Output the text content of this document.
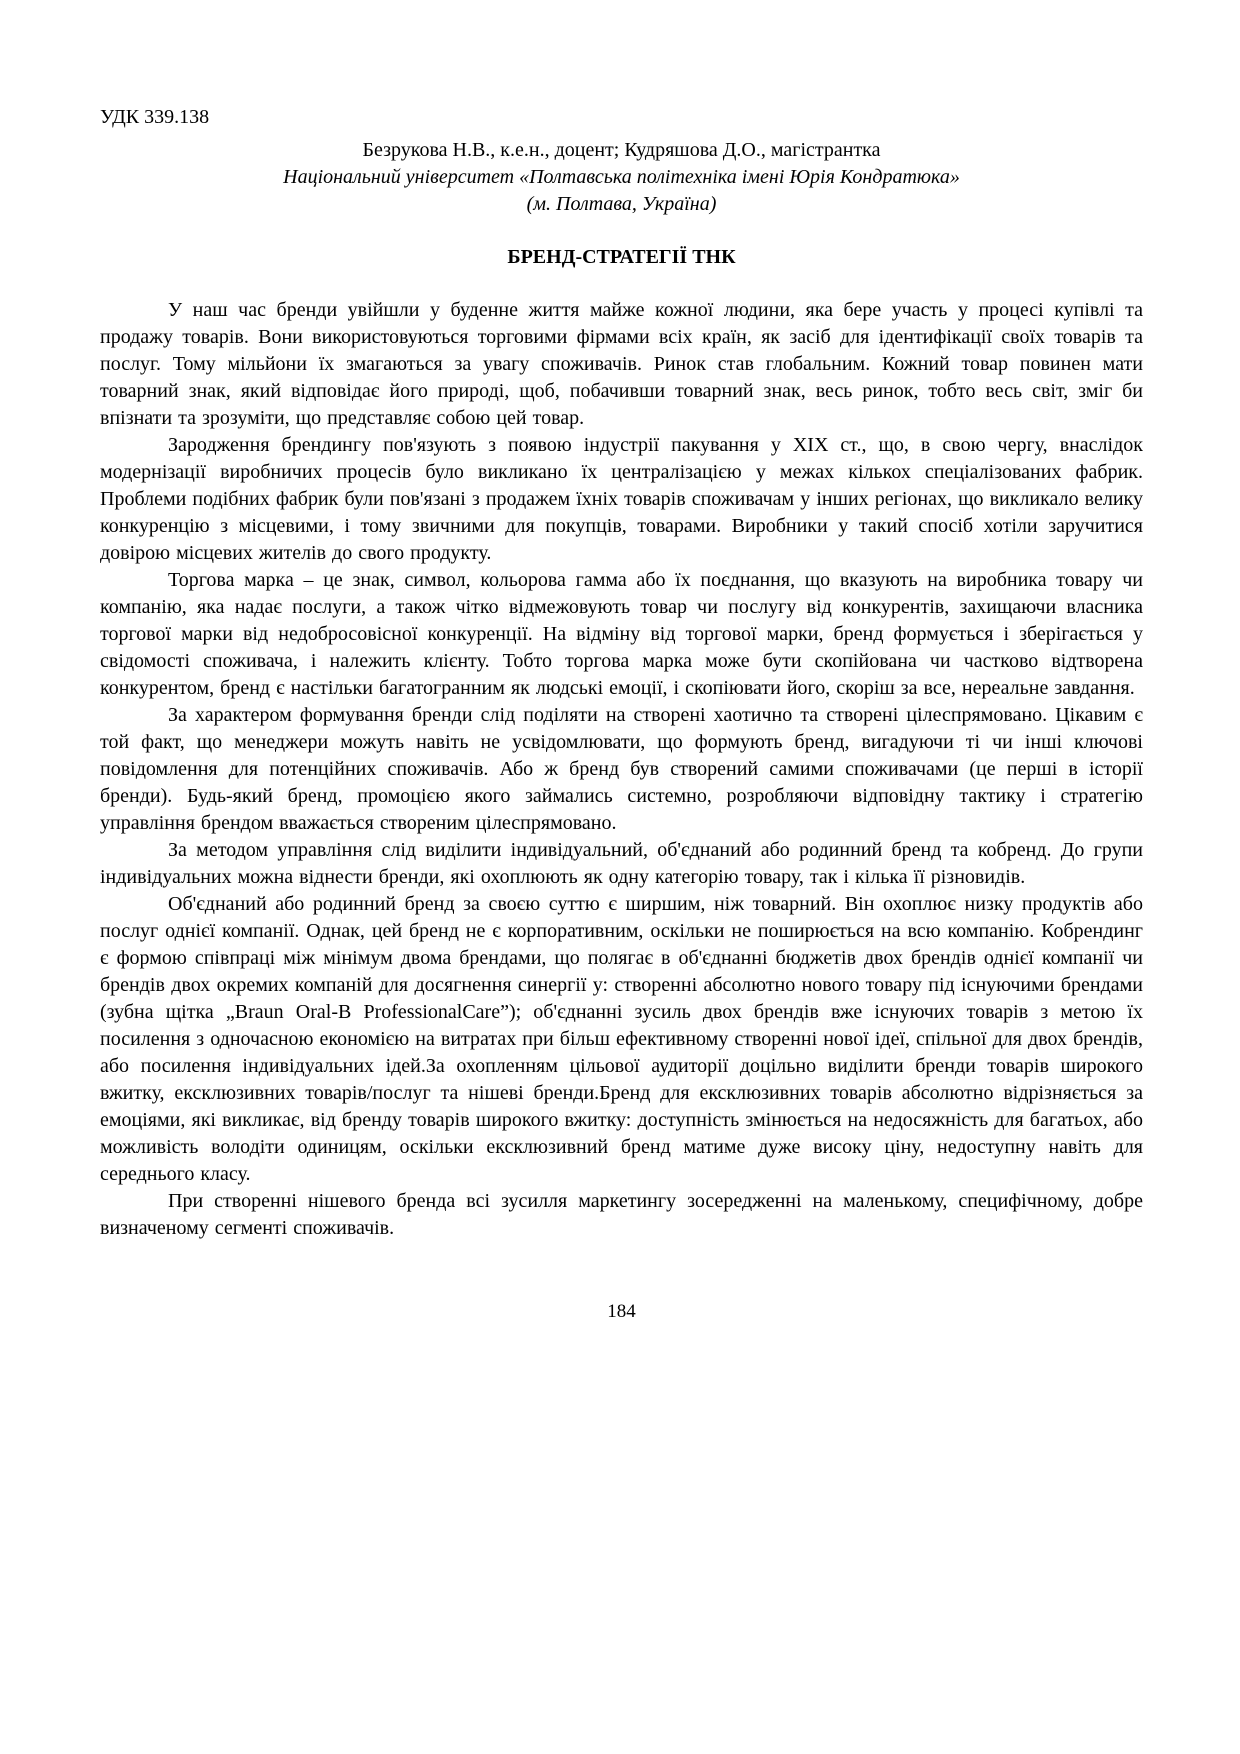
УДК 339.138
Безрукова Н.В., к.е.н., доцент; Кудряшова Д.О., магістрантка
Національний університет «Полтавська політехніка імені Юрія Кондратюка»
(м. Полтава, Україна)
БРЕНД-СТРАТЕГІЇ ТНК

У наш час бренди увійшли у буденне життя майже кожної людини, яка бере участь у процесі купівлі та продажу товарів. Вони використовуються торговими фірмами всіх країн, як засіб для ідентифікації своїх товарів та послуг. Тому мільйони їх змагаються за увагу споживачів. Ринок став глобальним. Кожний товар повинен мати товарний знак, який відповідає його природі, щоб, побачивши товарний знак, весь ринок, тобто весь світ, зміг би впізнати та зрозуміти, що представляє собою цей товар.

Зародження брендингу пов'язують з появою індустрії пакування у XIX ст., що, в свою чергу, внаслідок модернізації виробничих процесів було викликано їх централізацією у межах кількох спеціалізованих фабрик. Проблеми подібних фабрик були пов'язані з продажем їхніх товарів споживачам у інших регіонах, що викликало велику конкуренцію з місцевими, і тому звичними для покупців, товарами. Виробники у такий спосіб хотіли заручитися довірою місцевих жителів до свого продукту.

Торгова марка – це знак, символ, кольорова гамма або їх поєднання, що вказують на виробника товару чи компанію, яка надає послуги, а також чітко відмежовують товар чи послугу від конкурентів, захищаючи власника торгової марки від недобросовісної конкуренції. На відміну від торгової марки, бренд формується і зберігається у свідомості споживача, і належить клієнту. Тобто торгова марка може бути скопійована чи частково відтворена конкурентом, бренд є настільки багатогранним як людські емоції, і скопіювати його, скоріш за все, нереальне завдання.

За характером формування бренди слід поділяти на створені хаотично та створені цілеспрямовано. Цікавим є той факт, що менеджери можуть навіть не усвідомлювати, що формують бренд, вигадуючи ті чи інші ключові повідомлення для потенційних споживачів. Або ж бренд був створений самими споживачами (це перші в історії бренди). Будь-який бренд, промоцією якого займались системно, розробляючи відповідну тактику і стратегію управління брендом вважається створеним цілеспрямовано.

За методом управління слід виділити індивідуальний, об'єднаний або родинний бренд та кобренд. До групи індивідуальних можна віднести бренди, які охоплюють як одну категорію товару, так і кілька її різновидів.

Об'єднаний або родинний бренд за своєю суттю є ширшим, ніж товарний. Він охоплює низку продуктів або послуг однієї компанії. Однак, цей бренд не є корпоративним, оскільки не поширюється на всю компанію. Кобрендинг є формою співпраці між мінімум двома брендами, що полягає в об'єднанні бюджетів двох брендів однієї компанії чи брендів двох окремих компаній для досягнення синергії у: створенні абсолютно нового товару під існуючими брендами (зубна щітка „Braun Oral-B ProfessionalCare”); об'єднанні зусиль двох брендів вже існуючих товарів з метою їх посилення з одночасною економією на витратах при більш ефективному створенні нової ідеї, спільної для двох брендів, або посилення індивідуальних ідей.За охопленням цільової аудиторії доцільно виділити бренди товарів широкого вжитку, ексклюзивних товарів/послуг та нішеві бренди.Бренд для ексклюзивних товарів абсолютно відрізняється за емоціями, які викликає, від бренду товарів широкого вжитку: доступність змінюється на недосяжність для багатьох, або можливість володіти одиницям, оскільки ексклюзивний бренд матиме дуже високу ціну, недоступну навіть для середнього класу.

При створенні нішевого бренда всі зусилля маркетингу зосередженні на маленькому, специфічному, добре визначеному сегменті споживачів.

184
